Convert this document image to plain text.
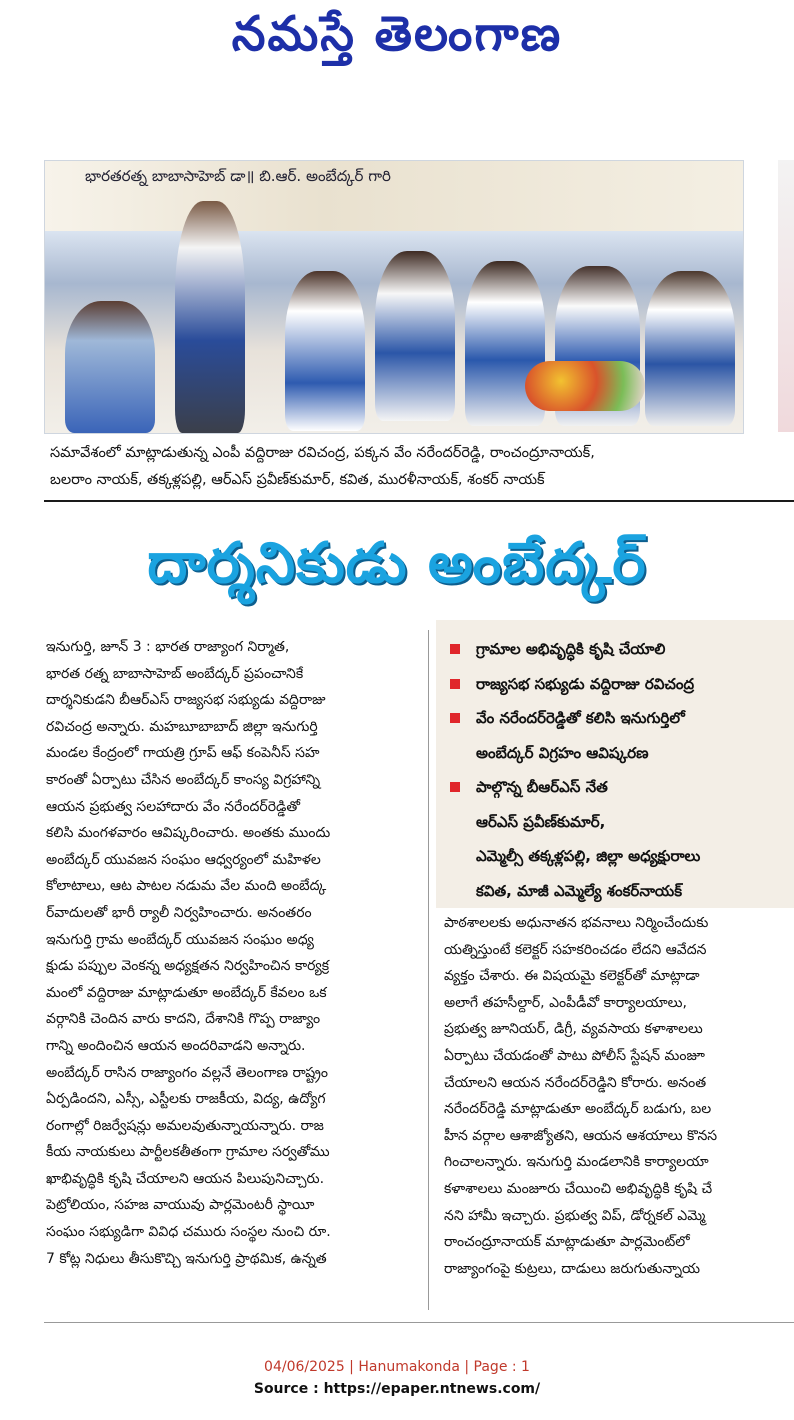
నమస్తే తెలంగాణ
భారతరత్న బాబాసాహెబ్ డా॥ బి.ఆర్. అంబేద్కర్ గారి

సమావేశంలో మాట్లాడుతున్న ఎంపీ వద్దిరాజు రవిచంద్ర, పక్కన వేం నరేందర్‌రెడ్డి, రాంచంద్రూనాయక్,

బలరాం నాయక్, తక్కళ్లపల్లి, ఆర్‌ఎస్ ప్రవీణ్‌కుమార్, కవిత, మురళీనాయక్, శంకర్ నాయక్

దార్శనికుడు అంబేద్కర్

ఇనుగుర్తి, జూన్ 3 : భారత రాజ్యాంగ నిర్మాత,

భారత రత్న బాబాసాహెబ్ అంబేద్కర్ ప్రపంచానికే

దార్శనికుడని బీఆర్‌ఎస్ రాజ్యసభ సభ్యుడు వద్దిరాజు

రవిచంద్ర అన్నారు. మహబూబాబాద్ జిల్లా ఇనుగుర్తి

మండల కేంద్రంలో గాయత్రి గ్రూప్ ఆఫ్ కంపెనీస్ సహ

కారంతో ఏర్పాటు చేసిన అంబేద్కర్ కాంస్య విగ్రహాన్ని

ఆయన ప్రభుత్వ సలహాదారు వేం నరేందర్‌రెడ్డితో

కలిసి మంగళవారం ఆవిష్కరించారు. అంతకు ముందు

అంబేద్కర్ యువజన సంఘం ఆధ్వర్యంలో మహిళల

కోలాటాలు, ఆట పాటల నడుమ వేల మంది అంబేద్క

ర్‌వాదులతో భారీ ర్యాలీ నిర్వహించారు. అనంతరం

ఇనుగుర్తి గ్రామ అంబేద్కర్ యువజన సంఘం అధ్య

క్షుడు పప్పుల వెంకన్న అధ్యక్షతన నిర్వహించిన కార్యక్ర

మంలో వద్దిరాజు మాట్లాడుతూ అంబేద్కర్ కేవలం ఒక

వర్గానికి చెందిన వారు కాదని, దేశానికి గొప్ప రాజ్యాం

గాన్ని అందించిన ఆయన అందరివాడని అన్నారు.

అంబేద్కర్ రాసిన రాజ్యాంగం వల్లనే తెలంగాణ రాష్ట్రం

ఏర్పడిందని, ఎస్సీ, ఎస్టీలకు రాజకీయ, విద్య, ఉద్యోగ

రంగాల్లో రిజర్వేషన్లు అమలవుతున్నాయన్నారు. రాజ

కీయ నాయకులు పార్టీలకతీతంగా గ్రామాల సర్వతోము

ఖాభివృద్ధికి కృషి చేయాలని ఆయన పిలుపునిచ్చారు.

పెట్రోలియం, సహజ వాయువు పార్లమెంటరీ స్థాయీ

సంఘం సభ్యుడిగా వివిధ చమురు సంస్థల నుంచి రూ.

7 కోట్ల నిధులు తీసుకొచ్చి ఇనుగుర్తి ప్రాథమిక, ఉన్నత

గ్రామాల అభివృద్ధికి కృషి చేయాలి
రాజ్యసభ సభ్యుడు వద్దిరాజు రవిచంద్ర
వేం నరేందర్‌రెడ్డితో కలిసి ఇనుగుర్తిలో
అంబేద్కర్ విగ్రహం ఆవిష్కరణ
పాల్గొన్న బీఆర్‌ఎస్ నేత
ఆర్‌ఎస్ ప్రవీణ్‌కుమార్,
ఎమ్మెల్సీ తక్కళ్లపల్లి, జిల్లా అధ్యక్షురాలు
కవిత, మాజీ ఎమ్మెల్యే శంకర్‌నాయక్

పాఠశాలలకు అధునాతన భవనాలు నిర్మించేందుకు

యత్నిస్తుంటే కలెక్టర్ సహకరించడం లేదని ఆవేదన

వ్యక్తం చేశారు. ఈ విషయమై కలెక్టర్‌తో మాట్లాడా

అలాగే తహసీల్దార్, ఎంపీడీవో కార్యాలయాలు,

ప్రభుత్వ జూనియర్, డిగ్రీ, వ్యవసాయ కళాశాలలు

ఏర్పాటు చేయడంతో పాటు పోలీస్ స్టేషన్ మంజూ

చేయాలని ఆయన నరేందర్‌రెడ్డిని కోరారు. అనంత

నరేందర్‌రెడ్డి మాట్లాడుతూ అంబేద్కర్ బడుగు, బల

హీన వర్గాల ఆశాజ్యోతని, ఆయన ఆశయాలు కొనస

గించాలన్నారు. ఇనుగుర్తి మండలానికి కార్యాలయా

కళాశాలలు మంజూరు చేయించి అభివృద్ధికి కృషి చే

నని హామీ ఇచ్చారు. ప్రభుత్వ విప్, డోర్నకల్ ఎమ్మె

రాంచంద్రూనాయక్ మాట్లాడుతూ పార్లమెంట్‌లో

రాజ్యాంగంపై కుట్రలు, దాడులు జరుగుతున్నాయ

04/06/2025 | Hanumakonda | Page : 1
Source : https://epaper.ntnews.com/
